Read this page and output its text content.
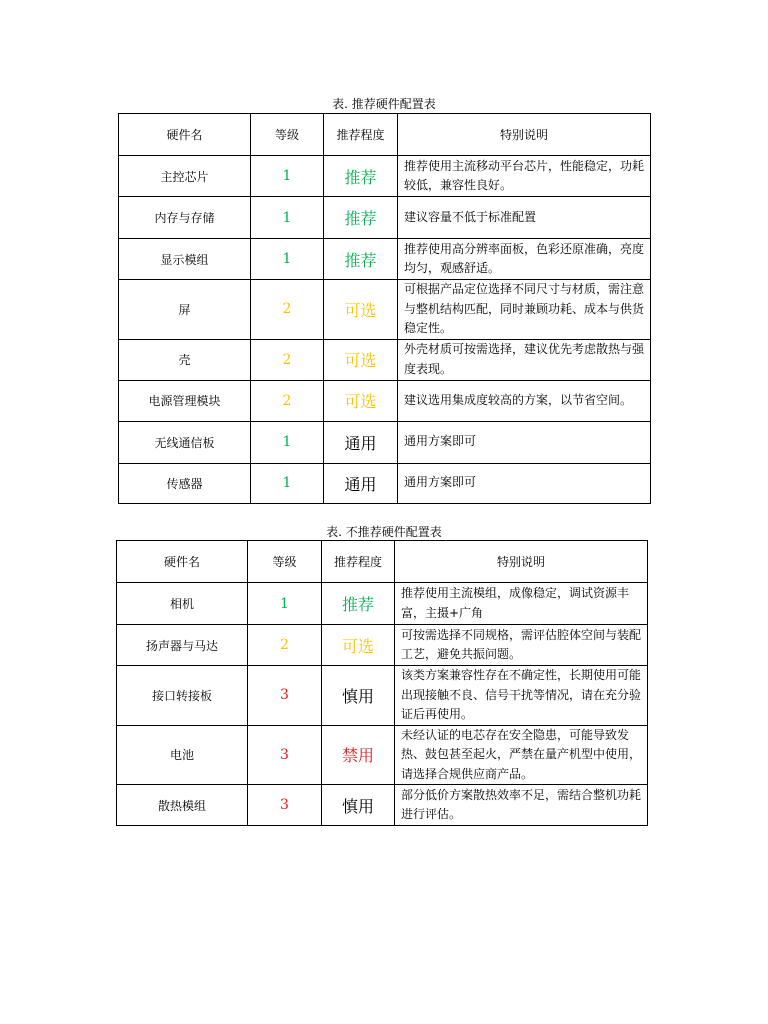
表. 推荐硬件配置表
硬件名	等级	推荐程度	特别说明
主控芯片	1	推荐	推荐使用主流移动平台芯片，性能稳定，功耗较低，兼容性良好。
内存与存储	1	推荐	建议容量不低于标准配置
显示模组	1	推荐	推荐使用高分辨率面板，色彩还原准确，亮度均匀，观感舒适。
屏	2	可选	可根据产品定位选择不同尺寸与材质，需注意与整机结构匹配，同时兼顾功耗、成本与供货稳定性。
壳	2	可选	外壳材质可按需选择，建议优先考虑散热与强度表现。
电源管理模块	2	可选	建议选用集成度较高的方案，以节省空间。
无线通信板	1	通用	通用方案即可
传感器	1	通用	通用方案即可
表. 不推荐硬件配置表
硬件名	等级	推荐程度	特别说明
相机	1	推荐	推荐使用主流模组，成像稳定，调试资源丰富，主摄+广角
扬声器与马达	2	可选	可按需选择不同规格，需评估腔体空间与装配工艺，避免共振问题。
接口转接板	3	慎用	该类方案兼容性存在不确定性，长期使用可能出现接触不良、信号干扰等情况，请在充分验证后再使用。
电池	3	禁用	未经认证的电芯存在安全隐患，可能导致发热、鼓包甚至起火，严禁在量产机型中使用，请选择合规供应商产品。
散热模组	3	慎用	部分低价方案散热效率不足，需结合整机功耗进行评估。
